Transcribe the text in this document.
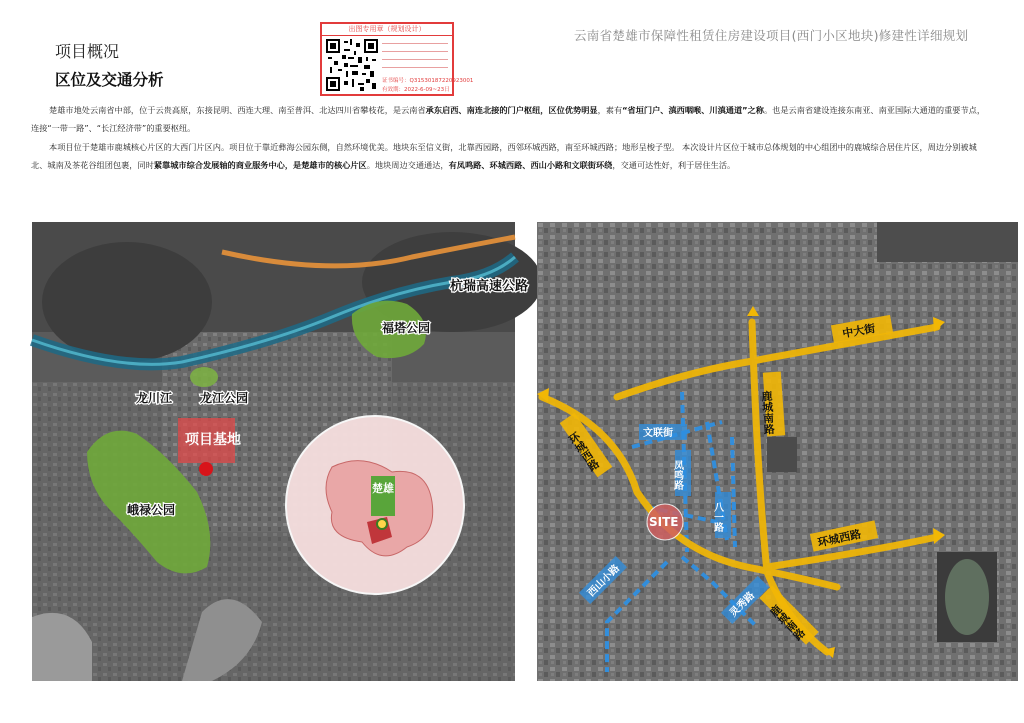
云南省楚雄市保障性租赁住房建设项目(西门小区地块)修建性详细规划
项目概况
区位及交通分析
出图专用章（规划设计）
证书编号：Q31530187220923001
有效期：2022-6-09~23日
楚雄市地处云南省中部，位于云贵高原，东接昆明、西连大理、南至普洱、北达四川省攀枝花，是云南省承东启西、南连北接的门户枢纽，区位优势明显，素有“省垣门户、滇西咽喉、川滇通道”之称。也是云南省建设连接东南亚、南亚国际大通道的重要节点，连接“一带一路”、“长江经济带”的重要枢纽。
本项目位于楚雄市鹿城核心片区的大西门片区内。项目位于靠近彝海公园东侧，自然环境优美。地块东至信义街，北靠西园路，西邻环城西路，南至环城西路；地形呈梭子型。 本次设计片区位于城市总体规划的中心组团中的鹿城综合居住片区，周边分别被城北、城南及茶花谷组团包裹，同时紧靠城市综合发展轴的商业服务中心，是楚雄市的核心片区。地块周边交通通达，有凤鸣路、环城西路、西山小路和文联街环绕，交通可达性好，利于居住生活。
杭瑞高速公路
龙川江
福塔公园
龙江公园
峨禄公园
项目基地
楚雄
中大街
鹿城南路
环城西路
环城西路
鹿城南路
文联街
凤鸣路
八一路
西山小路
灵秀路
SITE
